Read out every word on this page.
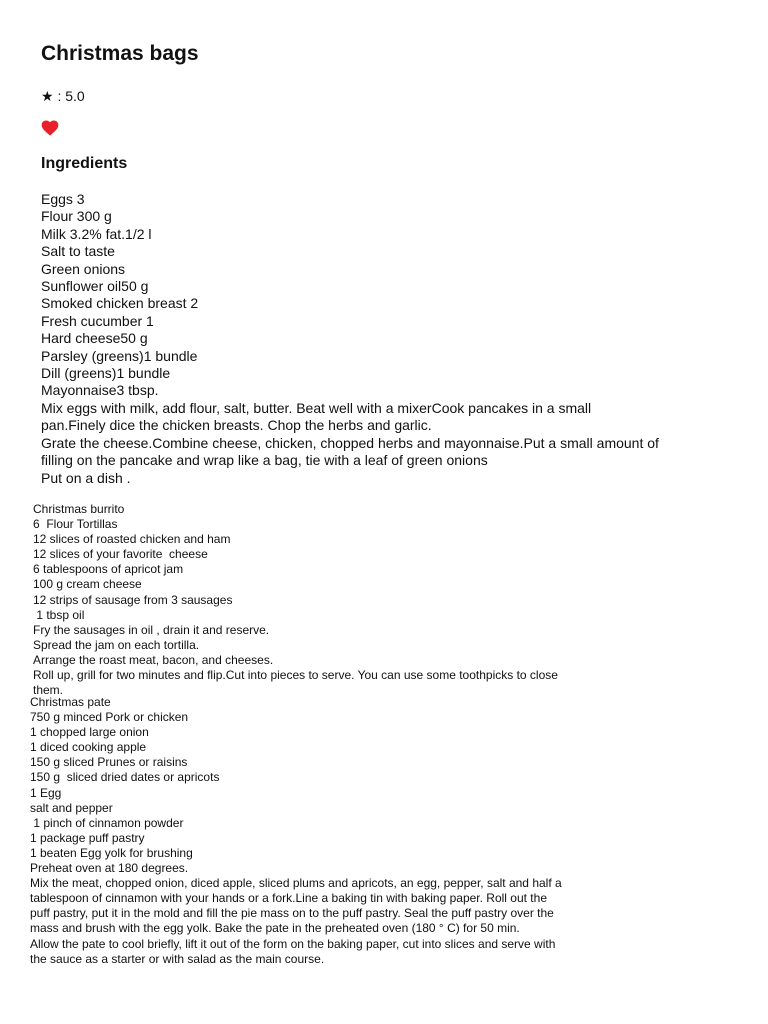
Christmas bags
★ : 5.0
Ingredients
Eggs 3
Flour 300 g
Milk 3.2% fat.1/2 l
Salt to taste
Green onions
Sunflower oil50 g
Smoked chicken breast 2
Fresh cucumber 1
Hard cheese50 g
Parsley (greens)1 bundle
Dill (greens)1 bundle
Mayonnaise3 tbsp.
Mix eggs with milk, add flour, salt, butter. Beat well with a mixerCook pancakes in a small
pan.Finely dice the chicken breasts. Chop the herbs and garlic.
Grate the cheese.Combine cheese, chicken, chopped herbs and mayonnaise.Put a small amount of
filling on the pancake and wrap like a bag, tie with a leaf of green onions
Put on a dish .
Christmas burrito
6  Flour Tortillas
12 slices of roasted chicken and ham
12 slices of your favorite  cheese
6 tablespoons of apricot jam
100 g cream cheese
12 strips of sausage from 3 sausages
1 tbsp oil
Fry the sausages in oil , drain it and reserve.
Spread the jam on each tortilla.
Arrange the roast meat, bacon, and cheeses.
Roll up, grill for two minutes and flip.Cut into pieces to serve. You can use some toothpicks to close
them.
Christmas pate
750 g minced Pork or chicken
1 chopped large onion
1 diced cooking apple
150 g sliced Prunes or raisins
150 g  sliced dried dates or apricots
1 Egg
salt and pepper
1 pinch of cinnamon powder
1 package puff pastry
1 beaten Egg yolk for brushing
Preheat oven at 180 degrees.
Mix the meat, chopped onion, diced apple, sliced plums and apricots, an egg, pepper, salt and half a
tablespoon of cinnamon with your hands or a fork.Line a baking tin with baking paper. Roll out the
puff pastry, put it in the mold and fill the pie mass on to the puff pastry. Seal the puff pastry over the
mass and brush with the egg yolk. Bake the pate in the preheated oven (180 ° C) for 50 min.
Allow the pate to cool briefly, lift it out of the form on the baking paper, cut into slices and serve with
the sauce as a starter or with salad as the main course.
